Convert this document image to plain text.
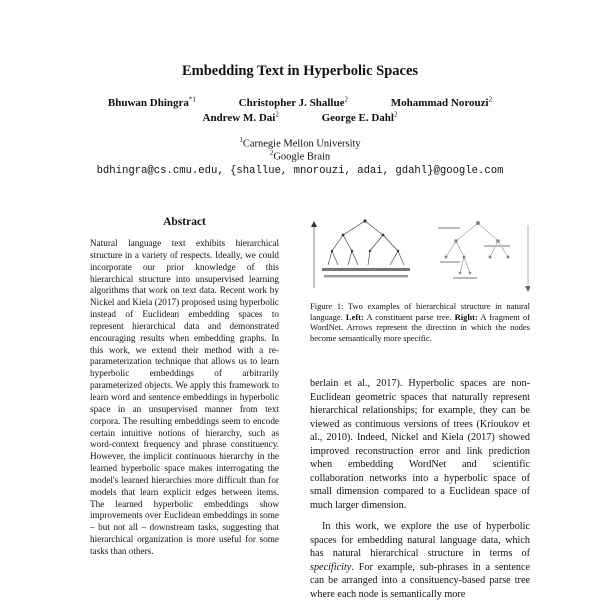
Embedding Text in Hyperbolic Spaces
Bhuwan Dhingra$^{*1}$	Christopher J. Shallue$^2$	Mohammad Norouzi$^2$
Andrew M. Dai$^2$	George E. Dahl$^2$
$^1$Carnegie Mellon University
$^2$Google Brain
bdhingra@cs.cmu.edu, {shallue, mnorouzi, adai, gdahl}@google.com
Abstract

Natural language text exhibits hierarchical structure in a variety of respects. Ideally, we could incorporate our prior knowledge of this hierarchical structure into unsupervised learning algorithms that work on text data. Recent work by Nickel and Kiela (2017) proposed using hyperbolic instead of Euclidean embedding spaces to represent hierarchical data and demonstrated encouraging results when embedding graphs. In this work, we extend their method with a re-parameterization technique that allows us to learn hyperbolic embeddings of arbitrarily parameterized objects. We apply this framework to learn word and sentence embeddings in hyperbolic space in an unsupervised manner from text corpora. The resulting embeddings seem to encode certain intuitive notions of hierarchy, such as word-context frequency and phrase constituency. However, the implicit continuous hierarchy in the learned hyperbolic space makes interrogating the model's learned hierarchies more difficult than for models that learn explicit edges between items. The learned hyperbolic embeddings show improvements over Euclidean embeddings in some – but not all – downstream tasks, suggesting that hierarchical organization is more useful for some tasks than others.

Figure 1: Two examples of hierarchical structure in natural language. Left: A constituent parse tree. Right: A fragment of WordNet. Arrows represent the direction in which the nodes become semantically more specific.

berlain et al., 2017). Hyperbolic spaces are non-Euclidean geometric spaces that naturally represent hierarchical relationships; for example, they can be viewed as continuous versions of trees (Krioukov et al., 2010). Indeed, Nickel and Kiela (2017) showed improved reconstruction error and link prediction when embedding WordNet and scientific collaboration networks into a hyperbolic space of small dimension compared to a Euclidean space of much larger dimension.

In this work, we explore the use of hyperbolic spaces for embedding natural language data, which has natural hierarchical structure in terms of specificity. For example, sub-phrases in a sentence can be arranged into a consituency-based parse tree where each node is semantically more
